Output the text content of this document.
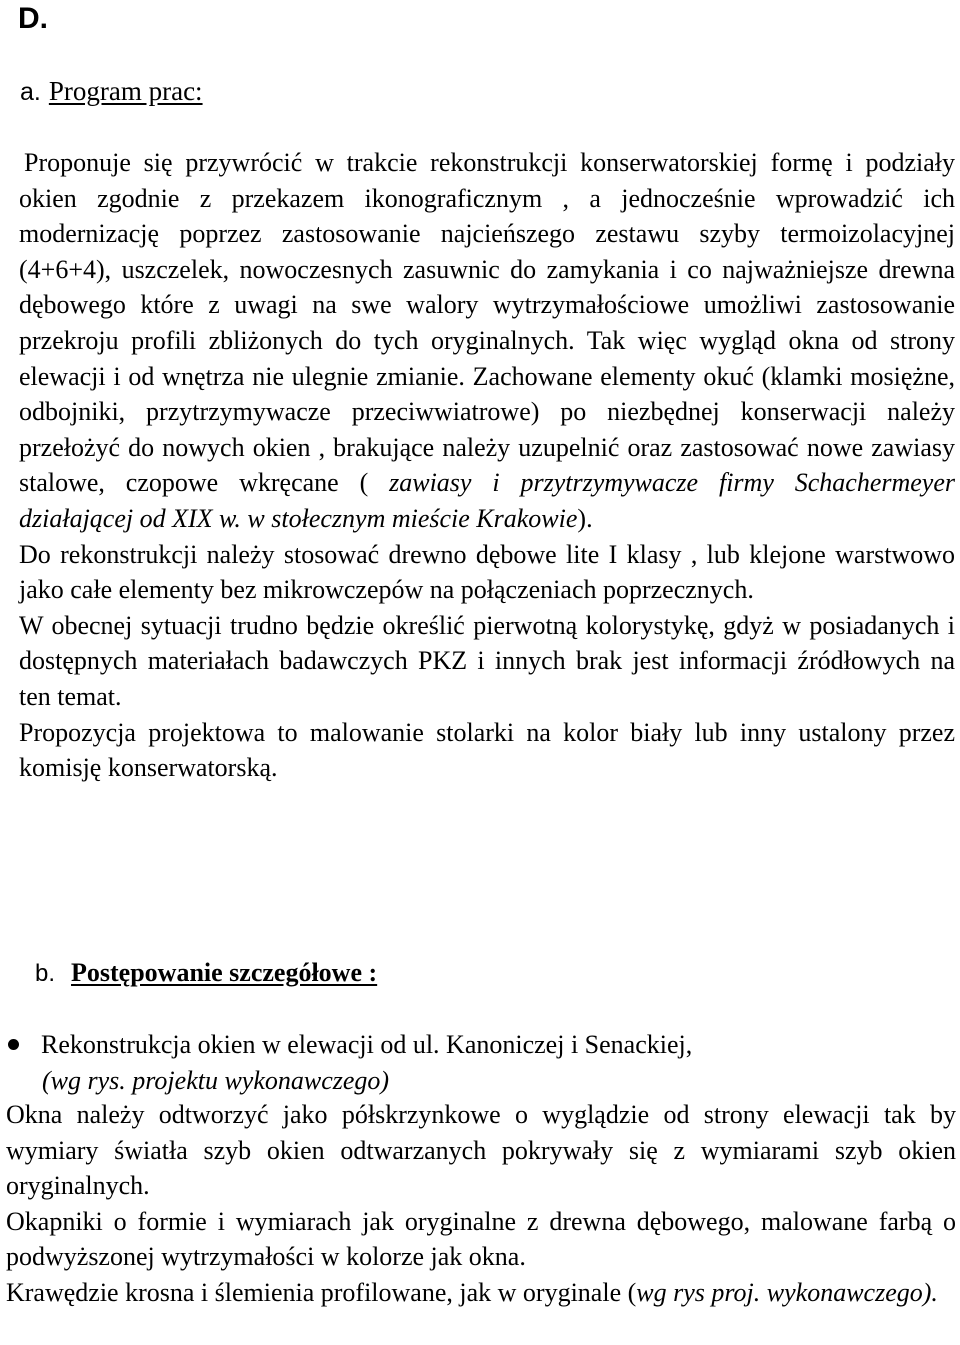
D.
a. Program prac:

Proponuje się przywrócić w trakcie rekonstrukcji konserwatorskiej formę i podziały okien zgodnie z przekazem ikonograficznym , a jednocześnie wprowadzić ich modernizację poprzez zastosowanie najcieńszego zestawu szyby termoizolacyjnej (4+6+4), uszczelek, nowoczesnych zasuwnic do zamykania i co najważniejsze drewna dębowego które z uwagi na swe walory wytrzymałościowe umożliwi zastosowanie przekroju profili zbliżonych do tych oryginalnych. Tak więc wygląd okna od strony elewacji i od wnętrza nie ulegnie zmianie. Zachowane elementy okuć (klamki mosiężne, odbojniki, przytrzymywacze przeciwwiatrowe) po niezbędnej konserwacji należy przełożyć do nowych okien , brakujące należy uzupelnić oraz zastosować nowe zawiasy stalowe, czopowe wkręcane ( zawiasy i przytrzymywacze firmy Schachermeyer działającej od XIX w. w stołecznym mieście Krakowie).

Do rekonstrukcji należy stosować drewno dębowe lite I klasy , lub klejone warstwowo jako całe elementy bez mikrowczepów na połączeniach poprzecznych.

W obecnej sytuacji trudno będzie określić pierwotną kolorystykę, gdyż w posiadanych i dostępnych materiałach badawczych PKZ i innych brak jest informacji źródłowych na ten temat.

Propozycja projektowa to malowanie stolarki na kolor biały lub inny ustalony przez komisję konserwatorską.

b. Postępowanie szczegółowe :
Rekonstrukcja okien w elewacji od ul. Kanoniczej i Senackiej,
(wg rys. projektu wykonawczego)

Okna należy odtworzyć jako półskrzynkowe o wyglądzie od strony elewacji tak by wymiary światła szyb okien odtwarzanych pokrywały się z wymiarami szyb okien oryginalnych.

Okapniki o formie i wymiarach jak oryginalne z drewna dębowego, malowane farbą o podwyższonej wytrzymałości w kolorze jak okna.

Krawędzie krosna i ślemienia profilowane, jak w oryginale (wg rys proj. wykonawczego).
